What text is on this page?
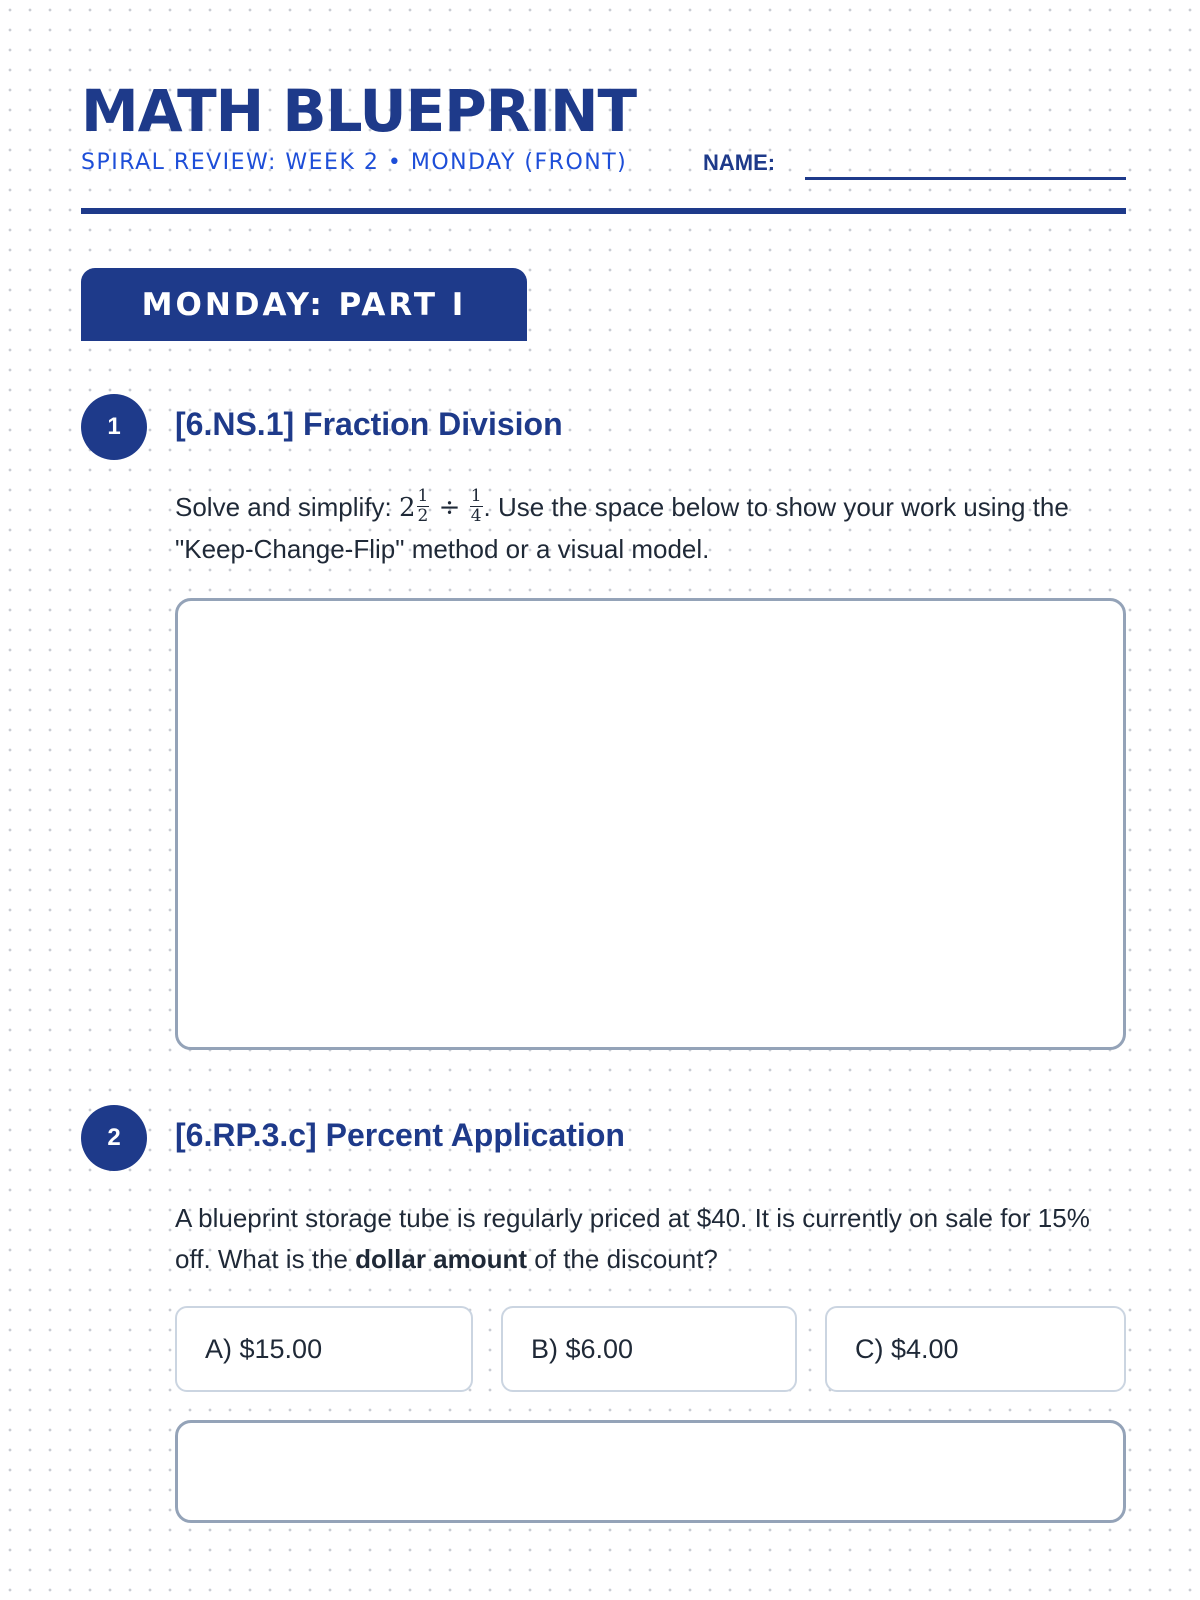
MATH BLUEPRINT
SPIRAL REVIEW: WEEK 2 • MONDAY (FRONT)	NAME:
MONDAY: PART I
1	[6.NS.1] Fraction Division
Solve and simplify: $2 \frac{1}{2} \div \frac{1}{4}$ . Use the space below to show your work using the "Keep-Change-Flip" method or a visual model.
2	[6.RP.3.c] Percent Application
A blueprint storage tube is regularly priced at $40. It is currently on sale for 15% off. What is the dollar amount of the discount?
A) $15.00	B) $6.00	C) $4.00
